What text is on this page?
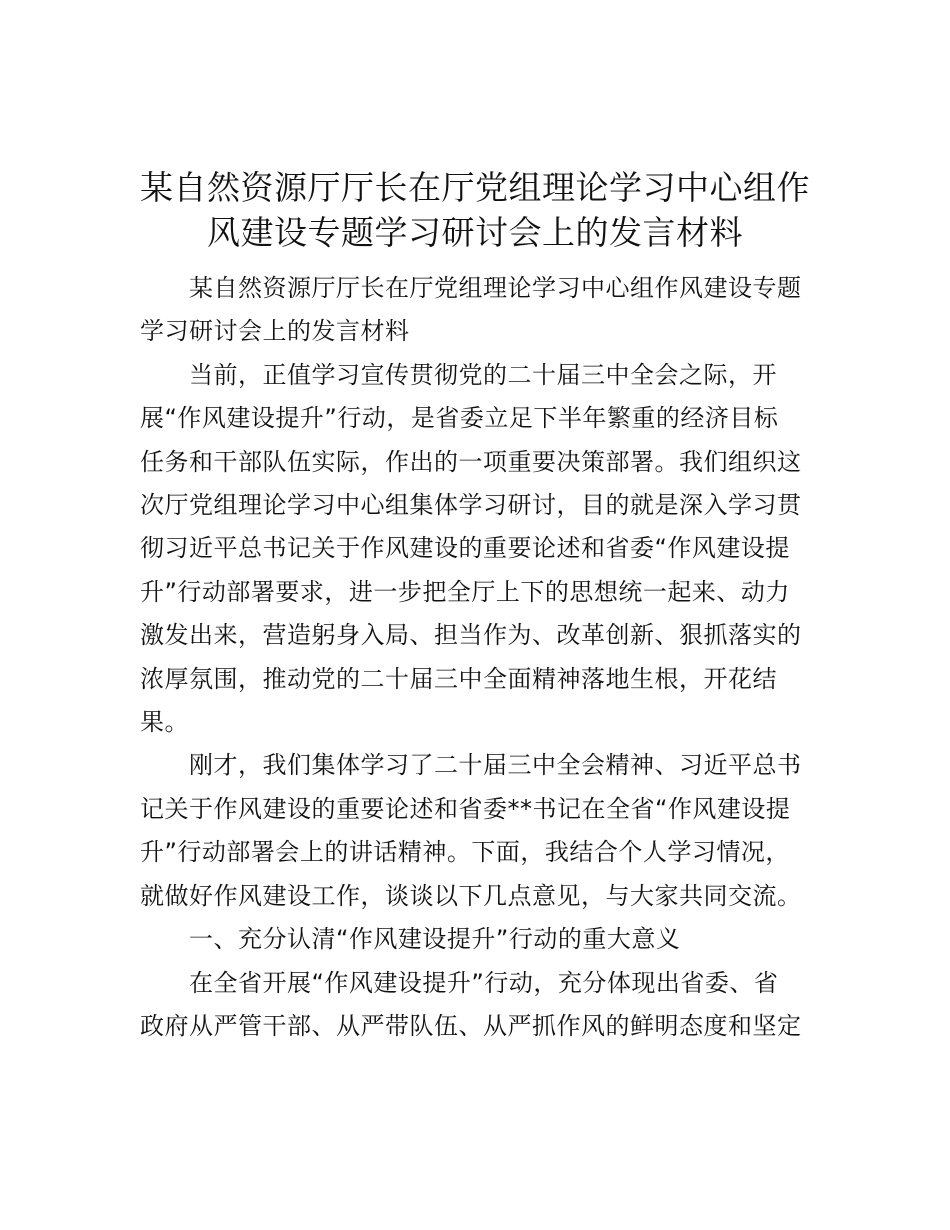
某自然资源厅厅长在厅党组理论学习中心组作
风建设专题学习研讨会上的发言材料

某自然资源厅厅长在厅党组理论学习中心组作风建设专题
学习研讨会上的发言材料

当前，正值学习宣传贯彻党的二十届三中全会之际，开
展“作风建设提升”行动，是省委立足下半年繁重的经济目标
任务和干部队伍实际，作出的一项重要决策部署。我们组织这
次厅党组理论学习中心组集体学习研讨，目的就是深入学习贯
彻习近平总书记关于作风建设的重要论述和省委“作风建设提
升”行动部署要求，进一步把全厅上下的思想统一起来、动力
激发出来，营造躬身入局、担当作为、改革创新、狠抓落实的
浓厚氛围，推动党的二十届三中全面精神落地生根，开花结
果。

刚才，我们集体学习了二十届三中全会精神、习近平总书
记关于作风建设的重要论述和省委**书记在全省“作风建设提
升”行动部署会上的讲话精神。下面，我结合个人学习情况，
就做好作风建设工作，谈谈以下几点意见，与大家共同交流。

一、充分认清“作风建设提升”行动的重大意义

在全省开展“作风建设提升”行动，充分体现出省委、省
政府从严管干部、从严带队伍、从严抓作风的鲜明态度和坚定
